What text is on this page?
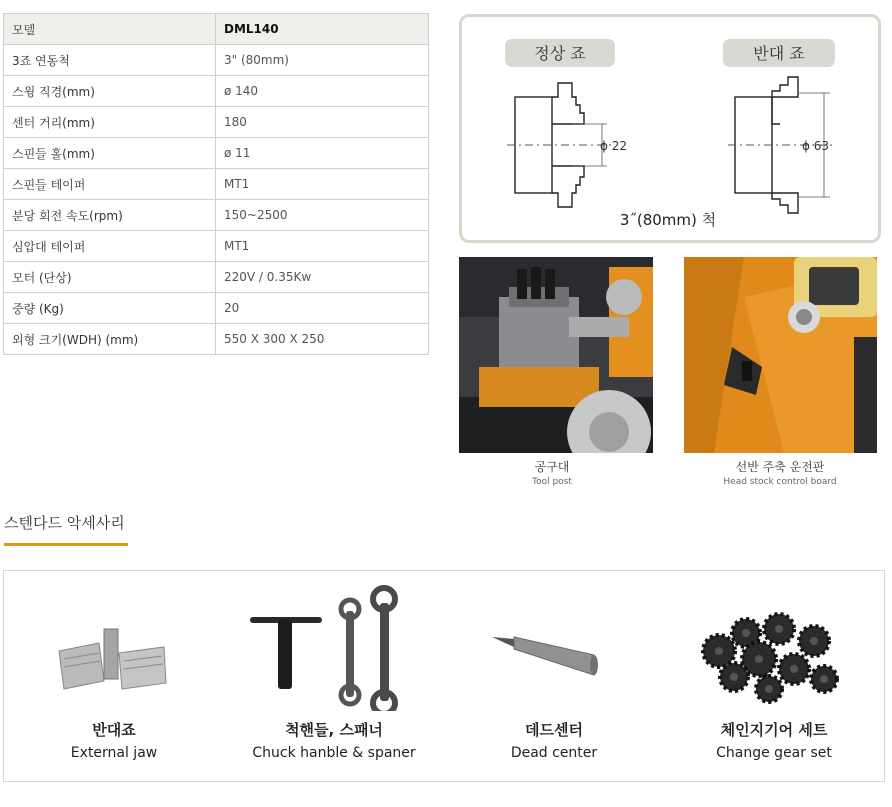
모델	DML140
3죠 연동척	3" (80mm)
스윙 직경(mm)	ø 140
센터 거리(mm)	180
스핀들 홀(mm)	ø 11
스핀들 테이퍼	MT1
분당 회전 속도(rpm)	150~2500
심압대 테이퍼	MT1
모터 (단상)	220V / 0.35Kw
중량 (Kg)	20
외형 크기(WDH) (mm)	550 X 300 X 250
정상 죠	반대 죠
ϕ 22	ϕ 63
3˝(80mm) 척
공구대
Tool post
선반 주축 운전판
Head stock control board
스텐다드 악세사리
반대죠
External jaw
척핸들, 스패너
Chuck hanble & spaner
데드센터
Dead center
체인지기어 세트
Change gear set
